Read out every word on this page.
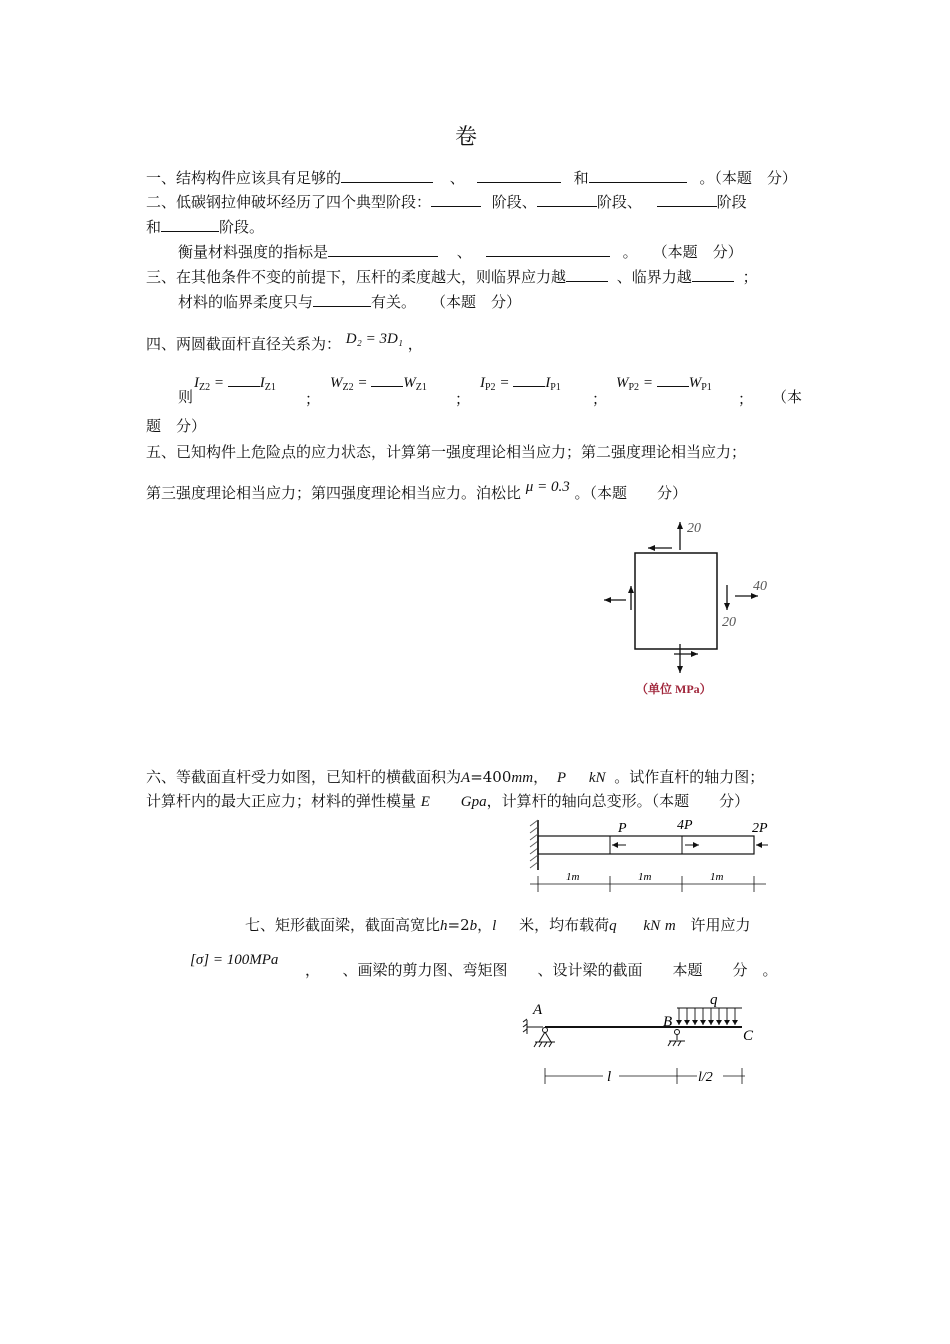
卷
一、结构构件应该具有足够的	、	和	。（本题　分）
二、低碳钢拉伸破坏经历了四个典型阶段：	阶段、	阶段、	阶段
和	阶段。
衡量材料强度的指标是	、	。　　（本题　分）
三、在其他条件不变的前提下，压杆的柔度越大，则临界应力越	、临界力越	；
材料的临界柔度只与	有关。　　（本题　分）
四、两圆截面杆直径关系为： D₂ = 3D₁ ，
则
$I_{Z2} = I_{Z1}$
；
$W_{Z2} = W_{Z1}$
；
$I_{P2} = I_{P1}$
；
$W_{P2} = W_{P1}$
； （本
题　分）
五、已知构件上危险点的应力状态，计算第一强度理论相当应力；第二强度理论相当应力；
第三强度理论相当应力；第四强度理论相当应力。泊松比 μ = 0.3 。（本题　　分）
20
40
20
（单位 MPa）
六、等截面直杆受力如图，已知杆的横截面积为A=400mm， P kN 。试作直杆的轴力图；
计算杆内的最大正应力；材料的弹性模量 E Gpa，计算杆的轴向总变形。（本题　　分）
P	4P	2P
1m	1m	1m
七、矩形截面梁，截面高宽比h=2b，l 米，均布载荷q kN m 许用应力
[σ] = 100MPa
，　　、画梁的剪力图、弯矩图　　、设计梁的截面　　本题　　分　。
A
B
C
q
l	l/2
